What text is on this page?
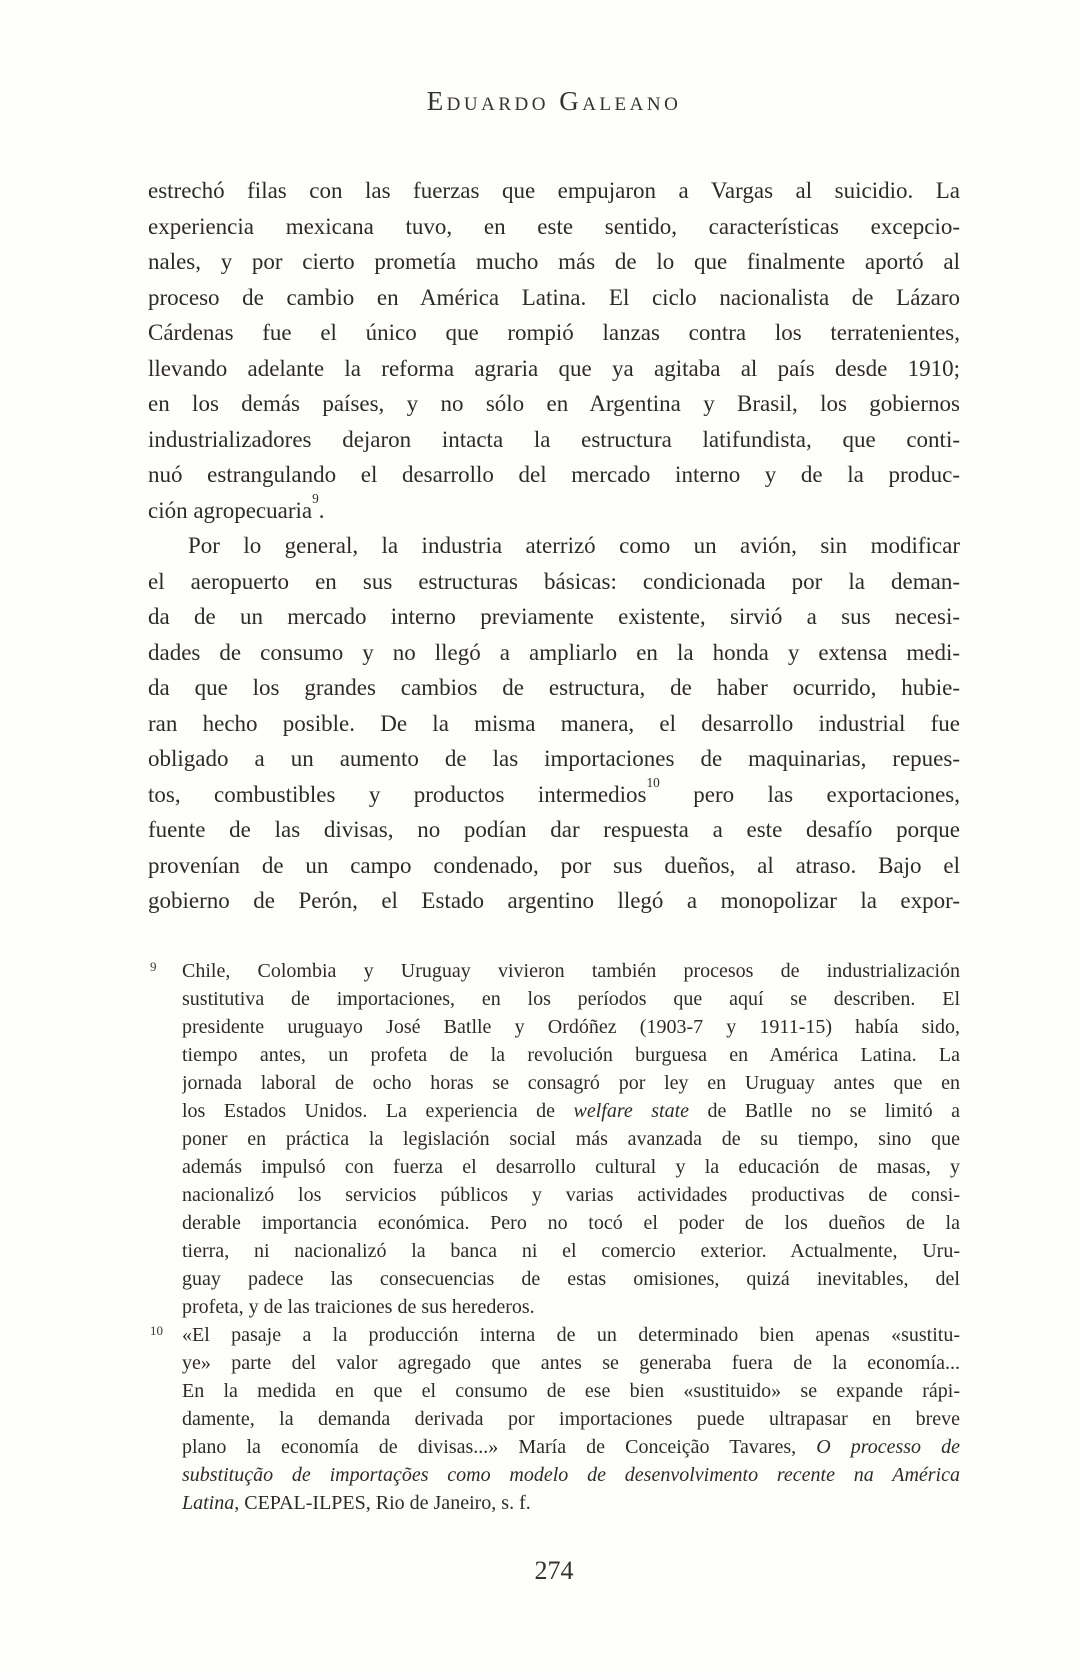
Eduardo Galeano
estrechó filas con las fuerzas que empujaron a Vargas al suicidio. La
experiencia mexicana tuvo, en este sentido, características excepcio-
nales, y por cierto prometía mucho más de lo que finalmente aportó al
proceso de cambio en América Latina. El ciclo nacionalista de Lázaro
Cárdenas fue el único que rompió lanzas contra los terratenientes,
llevando adelante la reforma agraria que ya agitaba al país desde 1910;
en los demás países, y no sólo en Argentina y Brasil, los gobiernos
industrializadores dejaron intacta la estructura latifundista, que conti-
nuó estrangulando el desarrollo del mercado interno y de la produc-
ción agropecuaria$^9$.
Por lo general, la industria aterrizó como un avión, sin modificar
el aeropuerto en sus estructuras básicas: condicionada por la deman-
da de un mercado interno previamente existente, sirvió a sus necesi-
dades de consumo y no llegó a ampliarlo en la honda y extensa medi-
da que los grandes cambios de estructura, de haber ocurrido, hubie-
ran hecho posible. De la misma manera, el desarrollo industrial fue
obligado a un aumento de las importaciones de maquinarias, repues-
tos, combustibles y productos intermedios$^{10}$ pero las exportaciones,
fuente de las divisas, no podían dar respuesta a este desafío porque
provenían de un campo condenado, por sus dueños, al atraso. Bajo el
gobierno de Perón, el Estado argentino llegó a monopolizar la expor-
9 Chile, Colombia y Uruguay vivieron también procesos de industrialización
sustitutiva de importaciones, en los períodos que aquí se describen. El
presidente uruguayo José Batlle y Ordóñez (1903-7 y 1911-15) había sido,
tiempo antes, un profeta de la revolución burguesa en América Latina. La
jornada laboral de ocho horas se consagró por ley en Uruguay antes que en
los Estados Unidos. La experiencia de welfare state de Batlle no se limitó a
poner en práctica la legislación social más avanzada de su tiempo, sino que
además impulsó con fuerza el desarrollo cultural y la educación de masas, y
nacionalizó los servicios públicos y varias actividades productivas de consi-
derable importancia económica. Pero no tocó el poder de los dueños de la
tierra, ni nacionalizó la banca ni el comercio exterior. Actualmente, Uru-
guay padece las consecuencias de estas omisiones, quizá inevitables, del
profeta, y de las traiciones de sus herederos.
10 «El pasaje a la producción interna de un determinado bien apenas «sustitu-
ye» parte del valor agregado que antes se generaba fuera de la economía...
En la medida en que el consumo de ese bien «sustituido» se expande rápi-
damente, la demanda derivada por importaciones puede ultrapasar en breve
plano la economía de divisas...» María de Conceição Tavares, O processo de
substitução de importações como modelo de desenvolvimento recente na América
Latina, CEPAL-ILPES, Rio de Janeiro, s. f.
274
